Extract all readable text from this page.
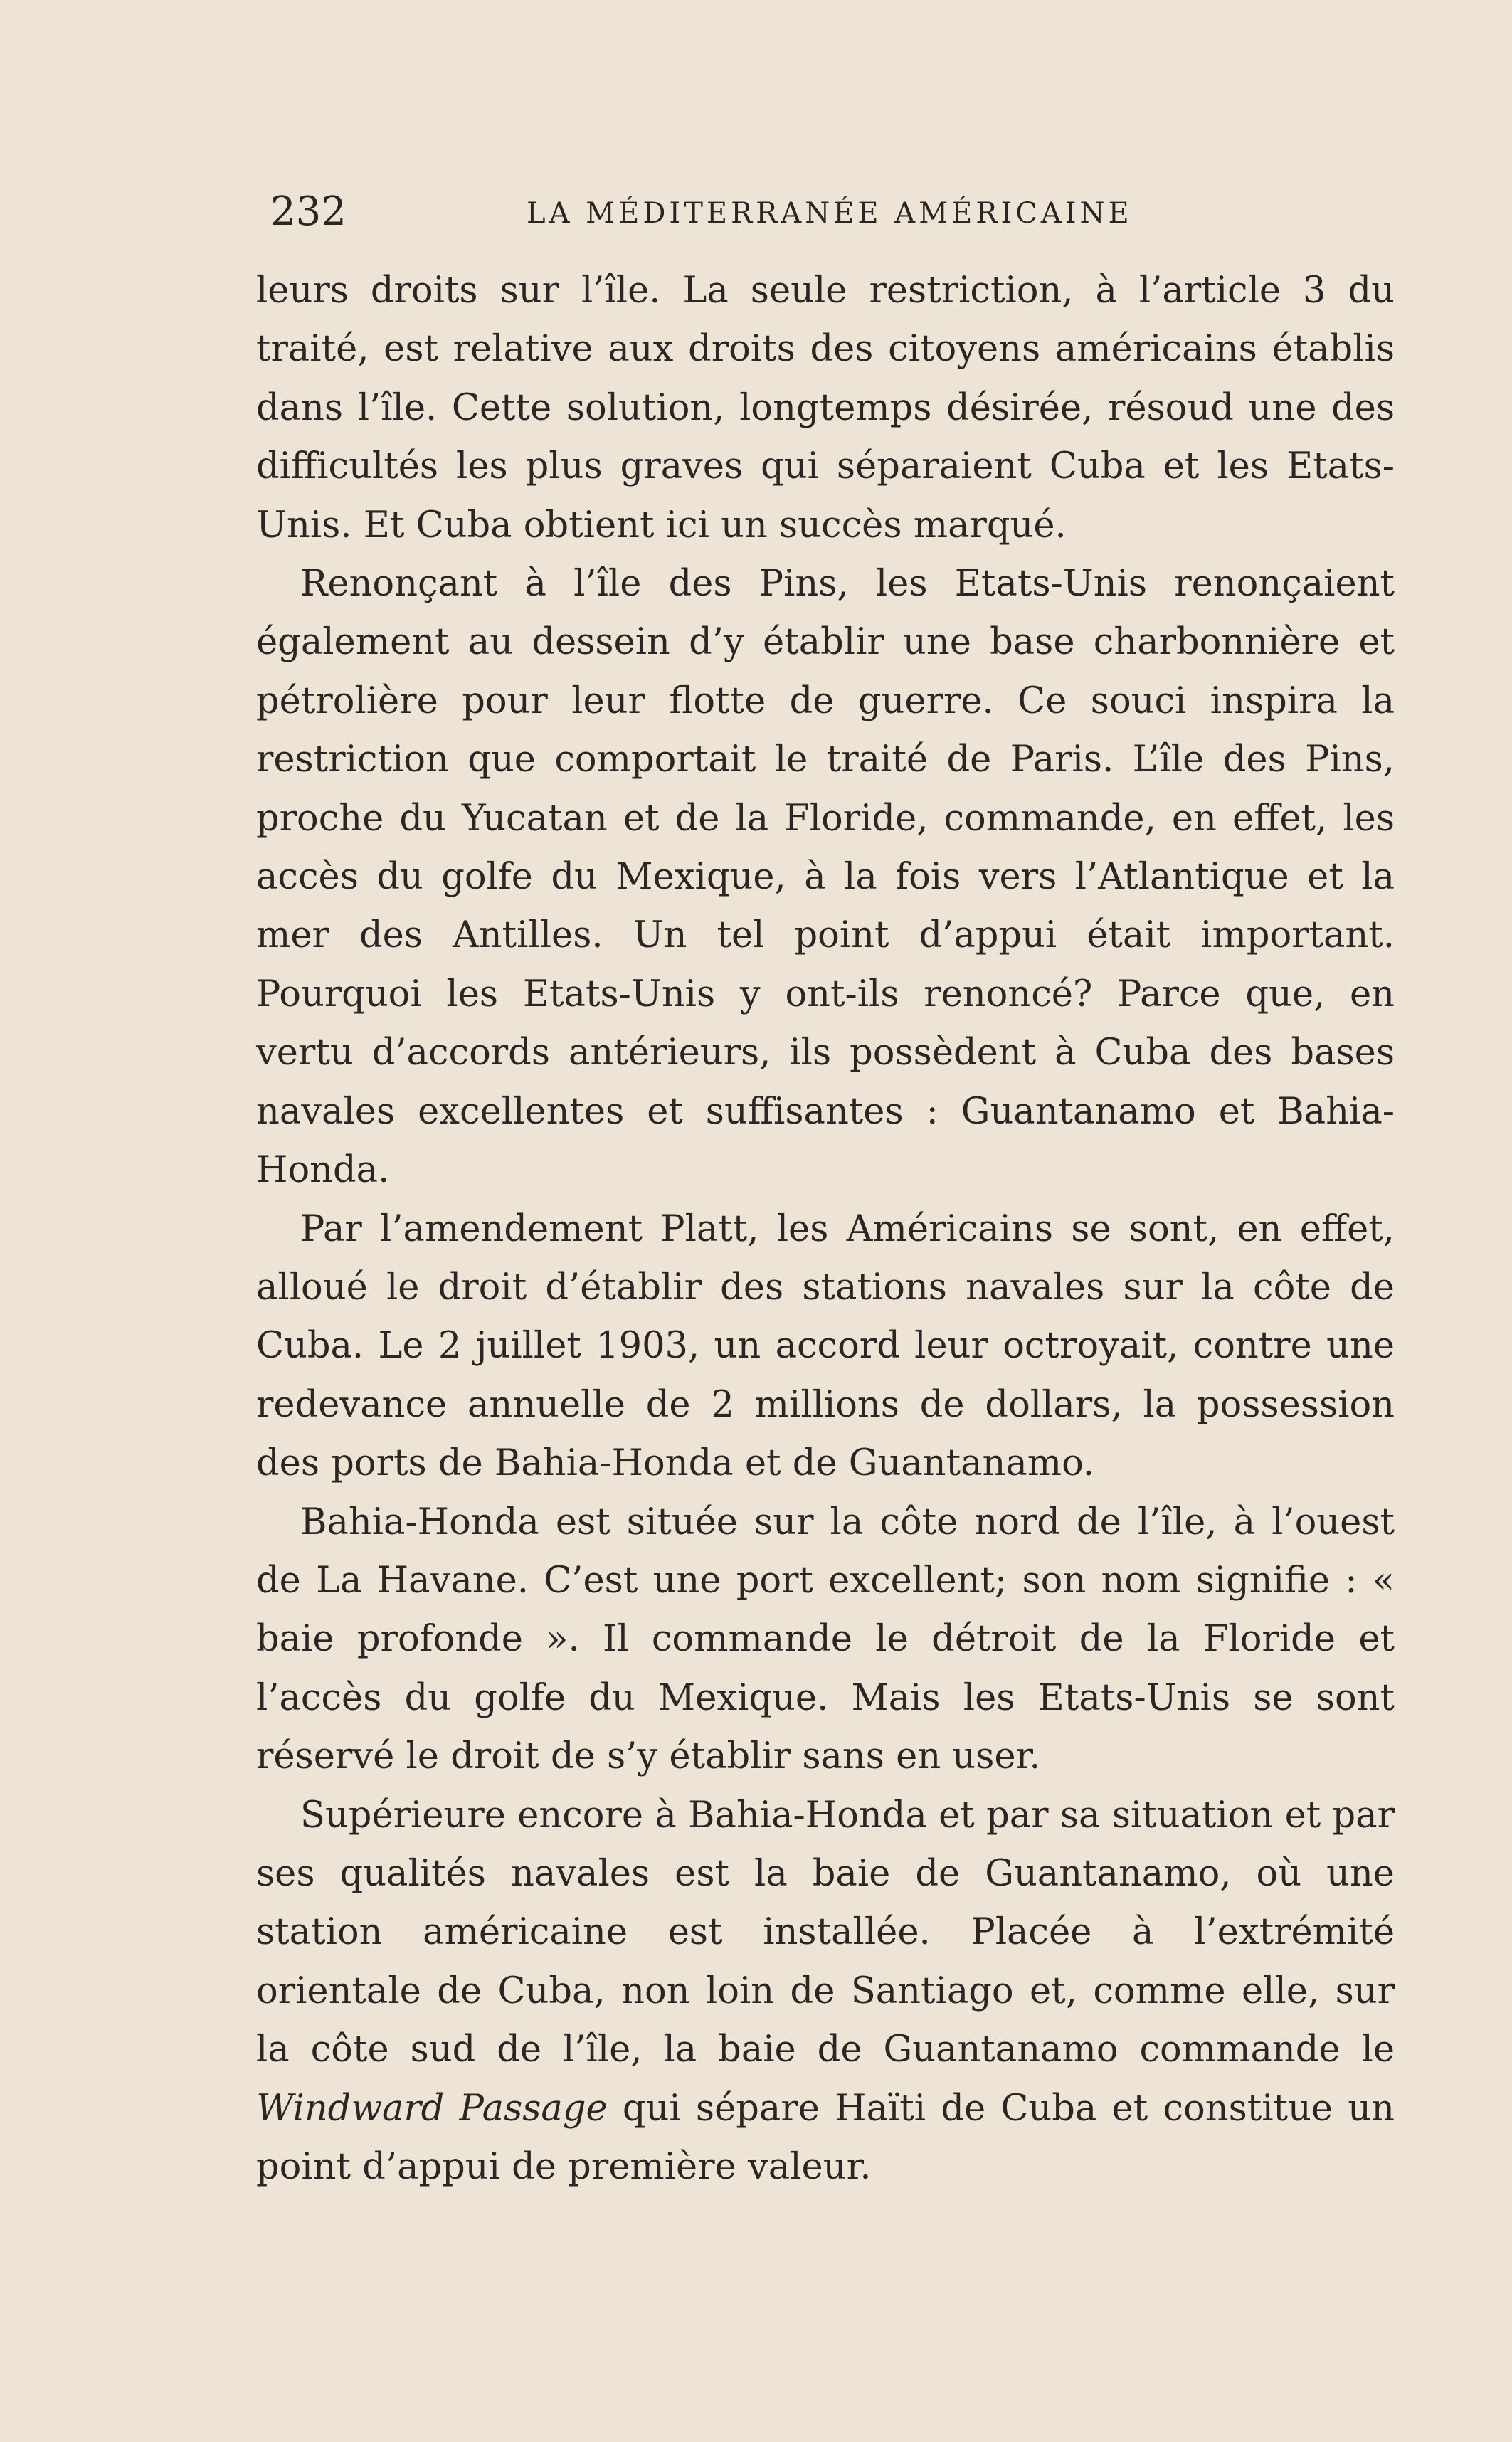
232	LA MÉDITERRANÉE AMÉRICAINE

leurs droits sur l’île. La seule restriction, à l’article 3 du traité, est relative aux droits des citoyens américains établis dans l’île. Cette solution, longtemps désirée, résoud une des difficultés les plus graves qui séparaient Cuba et les Etats-Unis. Et Cuba obtient ici un succès marqué.

Renonçant à l’île des Pins, les Etats-Unis renonçaient également au dessein d’y établir une base charbonnière et pétrolière pour leur flotte de guerre. Ce souci inspira la restriction que comportait le traité de Paris. L’île des Pins, proche du Yucatan et de la Floride, commande, en effet, les accès du golfe du Mexique, à la fois vers l’Atlantique et la mer des Antilles. Un tel point d’appui était important. Pourquoi les Etats-Unis y ont-ils renoncé? Parce que, en vertu d’accords antérieurs, ils possèdent à Cuba des bases navales excellentes et suffisantes : Guantanamo et Bahia-Honda.

Par l’amendement Platt, les Américains se sont, en effet, alloué le droit d’établir des stations navales sur la côte de Cuba. Le 2 juillet 1903, un accord leur octroyait, contre une redevance annuelle de 2 millions de dollars, la possession des ports de Bahia-Honda et de Guantanamo.

Bahia-Honda est située sur la côte nord de l’île, à l’ouest de La Havane. C’est une port excellent; son nom signifie : « baie profonde ». Il commande le détroit de la Floride et l’accès du golfe du Mexique. Mais les Etats-Unis se sont réservé le droit de s’y établir sans en user.

Supérieure encore à Bahia-Honda et par sa situation et par ses qualités navales est la baie de Guantanamo, où une station américaine est installée. Placée à l’extrémité orientale de Cuba, non loin de Santiago et, comme elle, sur la côte sud de l’île, la baie de Guantanamo commande le Windward Passage qui sépare Haïti de Cuba et constitue un point d’appui de première valeur.
